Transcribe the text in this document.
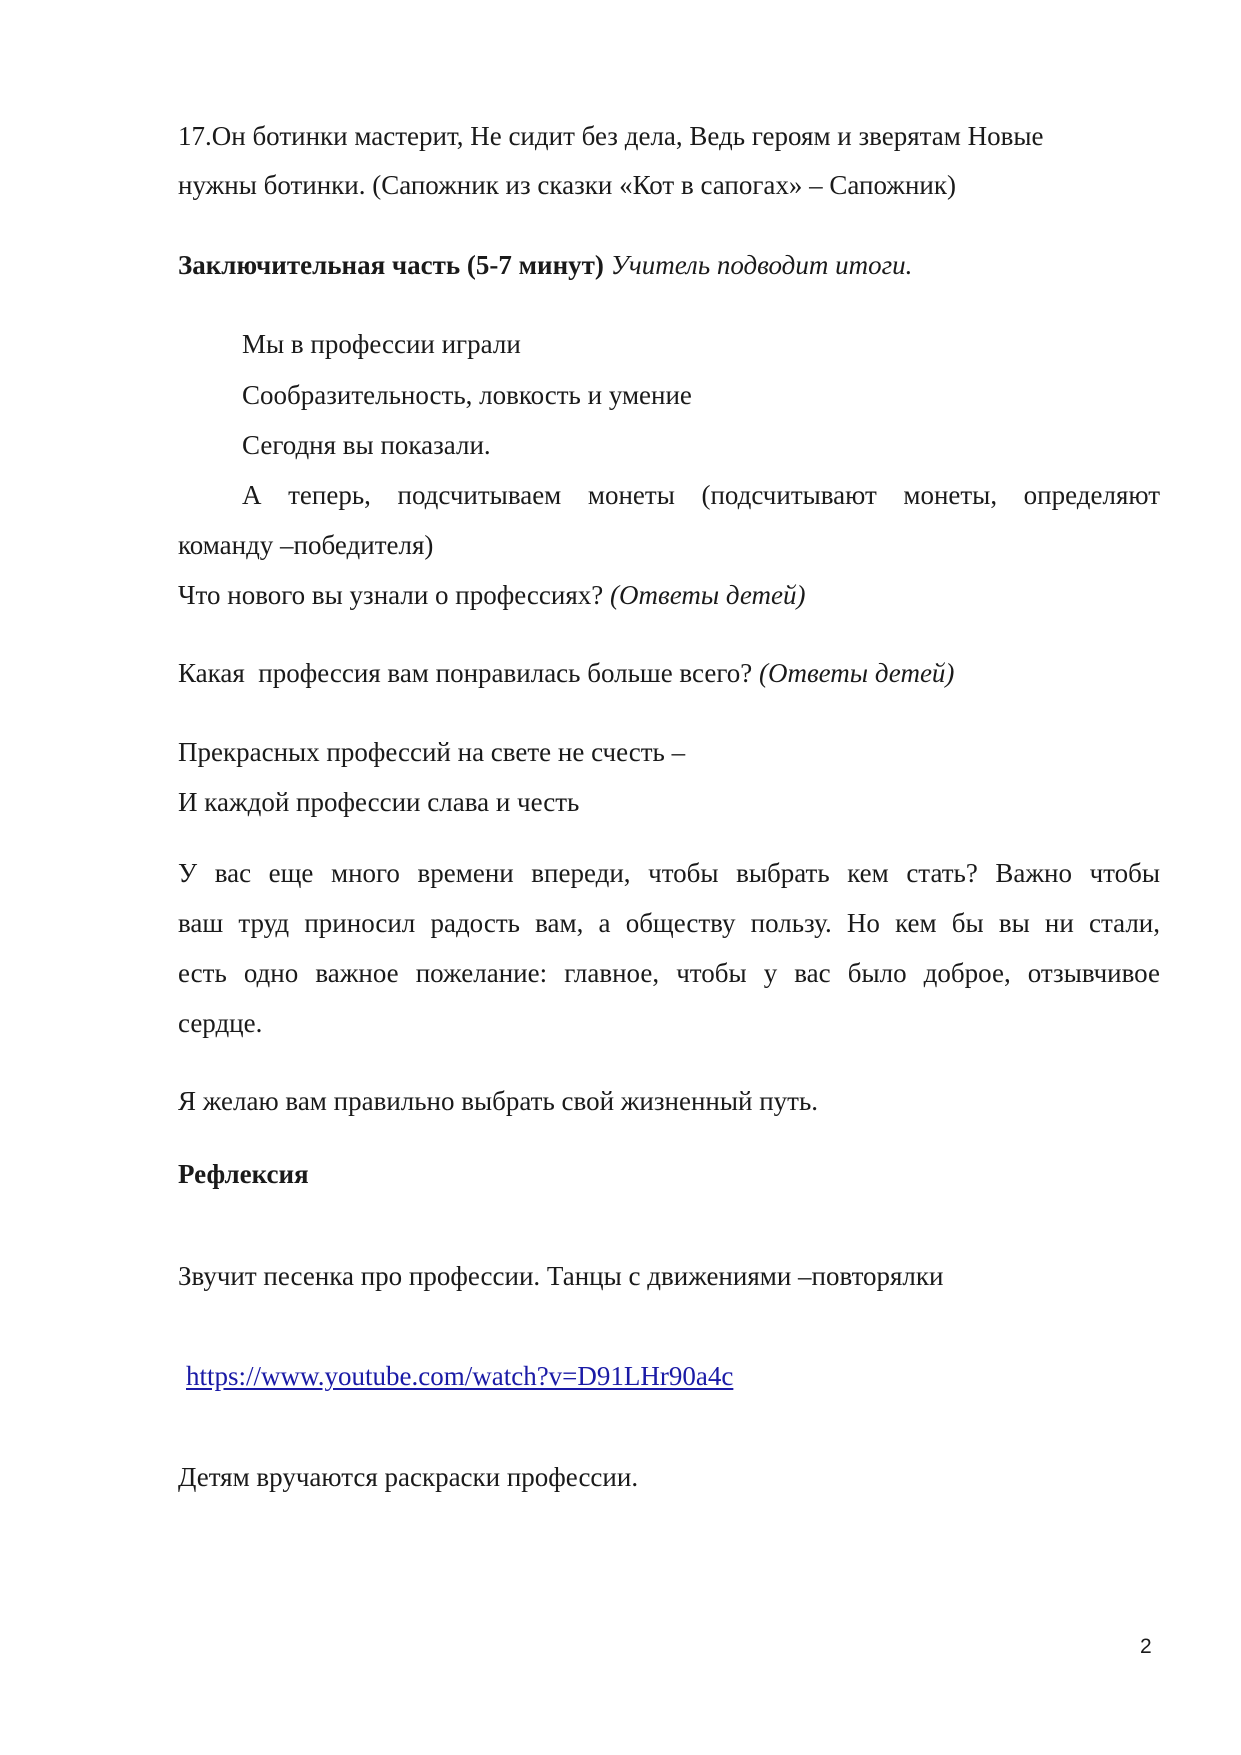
17.Он ботинки мастерит, Не сидит без дела, Ведь героям и зверятам Новые
нужны ботинки. (Сапожник из сказки «Кот в сапогах» – Сапожник)
Заключительная часть (5-7 минут) Учитель подводит итоги.
Мы в профессии играли
Сообразительность, ловкость и умение
Сегодня вы показали.
А теперь, подсчитываем монеты (подсчитывают монеты, определяют
команду –победителя)
Что нового вы узнали о профессиях? (Ответы детей)
Какая  профессия вам понравилась больше всего? (Ответы детей)
Прекрасных профессий на свете не счесть –
И каждой профессии слава и честь
У вас еще много времени впереди, чтобы выбрать кем стать? Важно чтобы
ваш труд приносил радость вам, а обществу пользу. Но кем бы вы ни стали,
есть одно важное пожелание: главное, чтобы у вас было доброе, отзывчивое
сердце.
Я желаю вам правильно выбрать свой жизненный путь.
Рефлексия
Звучит песенка про профессии. Танцы с движениями –повторялки
https://www.youtube.com/watch?v=D91LHr90a4c
Детям вручаются раскраски профессии.
2
